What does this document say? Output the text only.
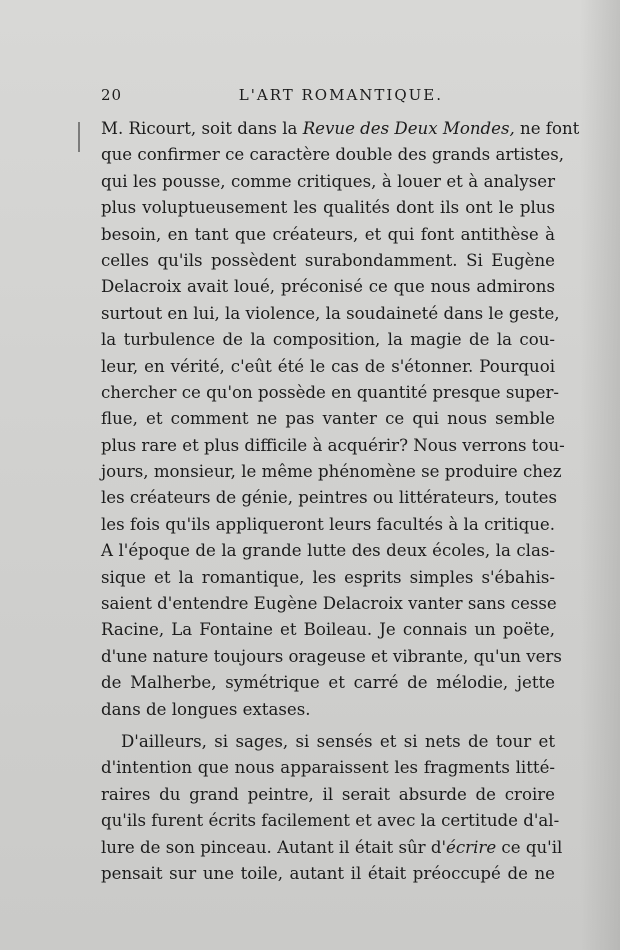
20	L'ART ROMANTIQUE.
M. Ricourt, soit dans la Revue des Deux Mondes, ne font
que confirmer ce caractère double des grands artistes,
qui les pousse, comme critiques, à louer et à analyser
plus voluptueusement les qualités dont ils ont le plus
besoin, en tant que créateurs, et qui font antithèse à
celles qu'ils possèdent surabondamment. Si Eugène
Delacroix avait loué, préconisé ce que nous admirons
surtout en lui, la violence, la soudaineté dans le geste,
la turbulence de la composition, la magie de la cou-
leur, en vérité, c'eût été le cas de s'étonner. Pourquoi
chercher ce qu'on possède en quantité presque super-
flue, et comment ne pas vanter ce qui nous semble
plus rare et plus difficile à acquérir? Nous verrons tou-
jours, monsieur, le même phénomène se produire chez
les créateurs de génie, peintres ou littérateurs, toutes
les fois qu'ils appliqueront leurs facultés à la critique.
A l'époque de la grande lutte des deux écoles, la clas-
sique et la romantique, les esprits simples s'ébahis-
saient d'entendre Eugène Delacroix vanter sans cesse
Racine, La Fontaine et Boileau. Je connais un poëte,
d'une nature toujours orageuse et vibrante, qu'un vers
de Malherbe, symétrique et carré de mélodie, jette
dans de longues extases.
D'ailleurs, si sages, si sensés et si nets de tour et
d'intention que nous apparaissent les fragments litté-
raires du grand peintre, il serait absurde de croire
qu'ils furent écrits facilement et avec la certitude d'al-
lure de son pinceau. Autant il était sûr d'écrire ce qu'il
pensait sur une toile, autant il était préoccupé de ne
